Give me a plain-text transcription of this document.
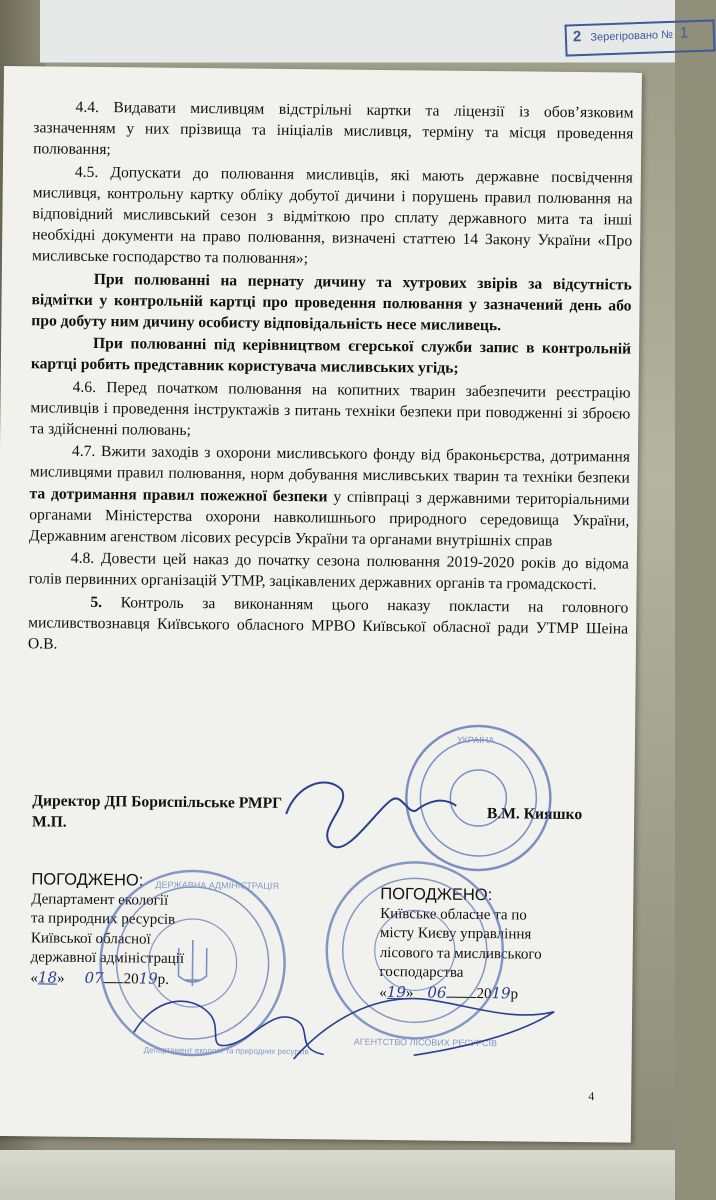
2 Зерегіровано № 1

4.4. Видавати мисливцям відстрільні картки та ліцензії із обов’язковим зазначенням у них прізвища та ініціалів мисливця, терміну та місця проведення полювання;

4.5. Допускати до полювання мисливців, які мають державне посвідчення мисливця, контрольну картку обліку добутої дичини і порушень правил полювання на відповідний мисливський сезон з відміткою про сплату державного мита та інші необхідні документи на право полювання, визначені статтею 14 Закону України «Про мисливське господарство та полювання»;

При полюванні на пернату дичину та хутрових звірів за відсутність відмітки у контрольній картці про проведення полювання у зазначений день або про добуту ним дичину особисту відповідальність несе мисливець.

При полюванні під керівництвом єгерської служби запис в контрольній картці робить представник користувача мисливських угідь;

4.6. Перед початком полювання на копитних тварин забезпечити реєстрацію мисливців і проведення інструктажів з питань техніки безпеки при поводженні зі зброєю та здійсненні полювань;

4.7. Вжити заходів з охорони мисливського фонду від браконьєрства, дотримання мисливцями правил полювання, норм добування мисливських тварин та техніки безпеки та дотримання правил пожежної безпеки у співпраці з державними територіальними органами Міністерства охорони навколишнього природного середовища України, Державним агенством лісових ресурсів України та органами внутрішніх справ

4.8. Довести цей наказ до початку сезона полювання 2019-2020 років до відома голів первинних організацій УТМР, зацікавлених державних органів та громадскості.

5. Контроль за виконанням цього наказу покласти на головного мисливствознавця Київського обласного МРВО Київської обласної ради УТМР Шеіна О.В.

Директор ДП Бориспільське РМРГ
М.П.	В.М. Кияшко
ПОГОДЖЕНО:
Департамент екології
та природних ресурсів
Київської обласної
державної адміністрації
«18» 07 2019р.
ПОГОДЖЕНО:
Київське обласне та по
місту Києву управління
лісового та мисливського
господарства
«19» 06 2019р
4
УКРАЇНА
ДЕРЖАВНА АДМІНІСТРАЦІЯ
Департамент екології та природних ресурсів
АГЕНТСТВО ЛІСОВИХ РЕСУРСІВ
